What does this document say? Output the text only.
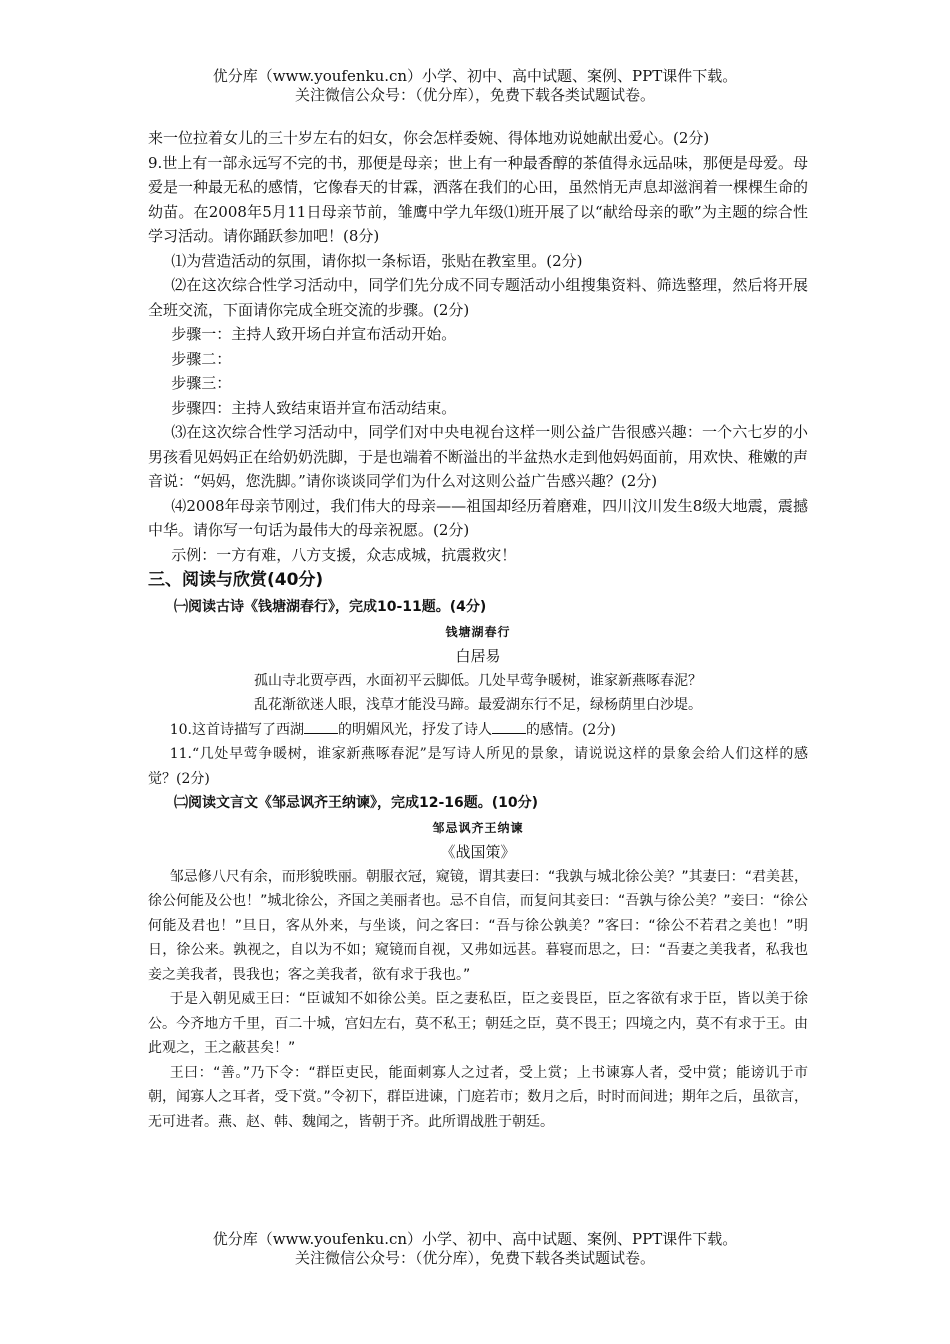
优分库（www.youfenku.cn）小学、初中、高中试题、案例、PPT课件下载。
关注微信公众号：（优分库），免费下载各类试题试卷。

来一位拉着女儿的三十岁左右的妇女，你会怎样委婉、得体地劝说她献出爱心。(2分)

9.世上有一部永远写不完的书，那便是母亲；世上有一种最香醇的茶值得永远品味，那便是母爱。母爱是一种最无私的感情，它像春天的甘霖，洒落在我们的心田，虽然悄无声息却滋润着一棵棵生命的幼苗。在2008年5月11日母亲节前，雏鹰中学九年级⑴班开展了以“献给母亲的歌”为主题的综合性学习活动。请你踊跃参加吧！(8分)

⑴为营造活动的氛围，请你拟一条标语，张贴在教室里。(2分)

⑵在这次综合性学习活动中，同学们先分成不同专题活动小组搜集资料、筛选整理，然后将开展全班交流，下面请你完成全班交流的步骤。(2分)

步骤一：主持人致开场白并宣布活动开始。

步骤二：

步骤三：

步骤四：主持人致结束语并宣布活动结束。

⑶在这次综合性学习活动中，同学们对中央电视台这样一则公益广告很感兴趣：一个六七岁的小男孩看见妈妈正在给奶奶洗脚，于是也端着不断溢出的半盆热水走到他妈妈面前，用欢快、稚嫩的声音说：“妈妈，您洗脚。”请你谈谈同学们为什么对这则公益广告感兴趣？(2分)

⑷2008年母亲节刚过，我们伟大的母亲——祖国却经历着磨难，四川汶川发生8级大地震，震撼中华。请你写一句话为最伟大的母亲祝愿。(2分)

示例：一方有难，八方支援，众志成城，抗震救灾！

三、阅读与欣赏(40分)
㈠阅读古诗《钱塘湖春行》，完成10-11题。(4分)
钱塘湖春行
白居易
孤山寺北贾亭西，水面初平云脚低。几处早莺争暖树，谁家新燕啄春泥？
乱花渐欲迷人眼，浅草才能没马蹄。最爱湖东行不足，绿杨荫里白沙堤。

10.这首诗描写了西湖 的明媚风光，抒发了诗人 的感情。(2分)

11.“几处早莺争暖树，谁家新燕啄春泥”是写诗人所见的景象，请说说这样的景象会给人们这样的感觉？(2分)

㈡阅读文言文《邹忌讽齐王纳谏》，完成12-16题。(10分)
邹忌讽齐王纳谏
《战国策》

邹忌修八尺有余，而形貌昳丽。朝服衣冠，窥镜，谓其妻曰：“我孰与城北徐公美？”其妻曰：“君美甚，徐公何能及公也！”城北徐公，齐国之美丽者也。忌不自信，而复问其妾曰：“吾孰与徐公美？”妾曰：“徐公何能及君也！”旦日，客从外来，与坐谈，问之客曰：“吾与徐公孰美？”客曰：“徐公不若君之美也！”明日，徐公来。孰视之，自以为不如；窥镜而自视，又弗如远甚。暮寝而思之，曰：“吾妻之美我者，私我也妾之美我者，畏我也；客之美我者，欲有求于我也。”

于是入朝见威王曰：“臣诚知不如徐公美。臣之妻私臣，臣之妾畏臣，臣之客欲有求于臣，皆以美于徐公。今齐地方千里，百二十城，宫妇左右，莫不私王；朝廷之臣，莫不畏王；四境之内，莫不有求于王。由此观之，王之蔽甚矣！”

王曰：“善。”乃下令：“群臣吏民，能面刺寡人之过者，受上赏；上书谏寡人者，受中赏；能谤讥于市朝，闻寡人之耳者，受下赏。”令初下，群臣进谏，门庭若市；数月之后，时时而间进；期年之后，虽欲言，无可进者。燕、赵、韩、魏闻之，皆朝于齐。此所谓战胜于朝廷。

优分库（www.youfenku.cn）小学、初中、高中试题、案例、PPT课件下载。
关注微信公众号：（优分库），免费下载各类试题试卷。
